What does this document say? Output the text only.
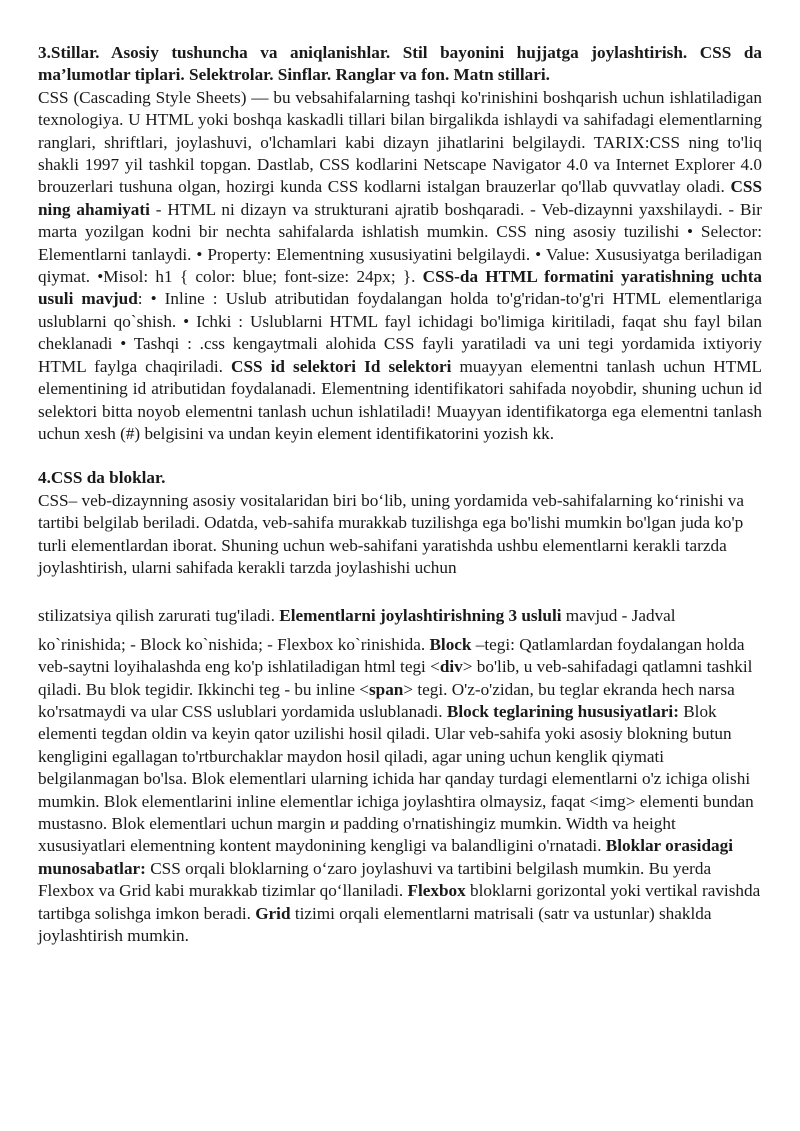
3.Stillar. Asosiy tushuncha va aniqlanishlar. Stil bayonini hujjatga joylashtirish. CSS da ma’lumotlar tiplari. Selektrolar. Sinflar. Ranglar va fon. Matn stillari.

CSS (Cascading Style Sheets) — bu vebsahifalarning tashqi ko'rinishini boshqarish uchun ishlatiladigan texnologiya. U HTML yoki boshqa kaskadli tillari bilan birgalikda ishlaydi va sahifadagi elementlarning ranglari, shriftlari, joylashuvi, o'lchamlari kabi dizayn jihatlarini belgilaydi. TARIX:CSS ning to'liq shakli 1997 yil tashkil topgan. Dastlab, CSS kodlarini Netscape Navigator 4.0 va Internet Explorer 4.0 brouzerlari tushuna olgan, hozirgi kunda CSS kodlarni istalgan brauzerlar qo'llab quvvatlay oladi. CSS ning ahamiyati - HTML ni dizayn va strukturani ajratib boshqaradi. - Veb-dizaynni yaxshilaydi. - Bir marta yozilgan kodni bir nechta sahifalarda ishlatish mumkin. CSS ning asosiy tuzilishi • Selector: Elementlarni tanlaydi. • Property: Elementning xususiyatini belgilaydi. • Value: Xususiyatga beriladigan qiymat. •Misol: h1 { color: blue; font-size: 24px; }. CSS-da HTML formatini yaratishning uchta usuli mavjud: • Inline : Uslub atributidan foydalangan holda to'g'ridan-to'g'ri HTML elementlariga uslublarni qo`shish. • Ichki : Uslublarni HTML fayl ichidagi bo'limiga kiritiladi, faqat shu fayl bilan cheklanadi • Tashqi : .css kengaytmali alohida CSS fayli yaratiladi va uni tegi yordamida ixtiyoriy HTML faylga chaqiriladi. CSS id selektori Id selektori muayyan elementni tanlash uchun HTML elementining id atributidan foydalanadi. Elementning identifikatori sahifada noyobdir, shuning uchun id selektori bitta noyob elementni tanlash uchun ishlatiladi! Muayyan identifikatorga ega elementni tanlash uchun xesh (#) belgisini va undan keyin element identifikatorini yozish kk.

4.CSS da bloklar.

CSS– veb-dizaynning asosiy vositalaridan biri bo‘lib, uning yordamida veb-sahifalarning ko‘rinishi va tartibi belgilab beriladi. Odatda, veb-sahifa murakkab tuzilishga ega bo'lishi mumkin bo'lgan juda ko'p turli elementlardan iborat. Shuning uchun web-sahifani yaratishda ushbu elementlarni kerakli tarzda joylashtirish, ularni sahifada kerakli tarzda joylashishi uchun

stilizatsiya qilish zarurati tug'iladi. Elementlarni joylashtirishning 3 usluli mavjud - Jadval

ko`rinishida; - Block ko`nishida; - Flexbox ko`rinishida. Block –tegi: Qatlamlardan foydalangan holda veb-saytni loyihalashda eng ko'p ishlatiladigan html tegi <div> bo'lib, u veb-sahifadagi qatlamni tashkil qiladi. Bu blok tegidir. Ikkinchi teg - bu inline <span> tegi. O'z-o'zidan, bu teglar ekranda hech narsa ko'rsatmaydi va ular CSS uslublari yordamida uslublanadi. Block teglarining hususiyatlari: Blok elementi tegdan oldin va keyin qator uzilishi hosil qiladi. Ular veb-sahifa yoki asosiy blokning butun kengligini egallagan to'rtburchaklar maydon hosil qiladi, agar uning uchun kenglik qiymati belgilanmagan bo'lsa. Blok elementlari ularning ichida har qanday turdagi elementlarni o'z ichiga olishi mumkin. Blok elementlarini inline elementlar ichiga joylashtira olmaysiz, faqat <img> elementi bundan mustasno. Blok elementlari uchun margin и padding o'rnatishingiz mumkin. Width va height xususiyatlari elementning kontent maydonining kengligi va balandligini o'rnatadi. Bloklar orasidagi munosabatlar: CSS orqali bloklarning o‘zaro joylashuvi va tartibini belgilash mumkin. Bu yerda Flexbox va Grid kabi murakkab tizimlar qo‘llaniladi. Flexbox bloklarni gorizontal yoki vertikal ravishda tartibga solishga imkon beradi. Grid tizimi orqali elementlarni matrisali (satr va ustunlar) shaklda joylashtirish mumkin.
